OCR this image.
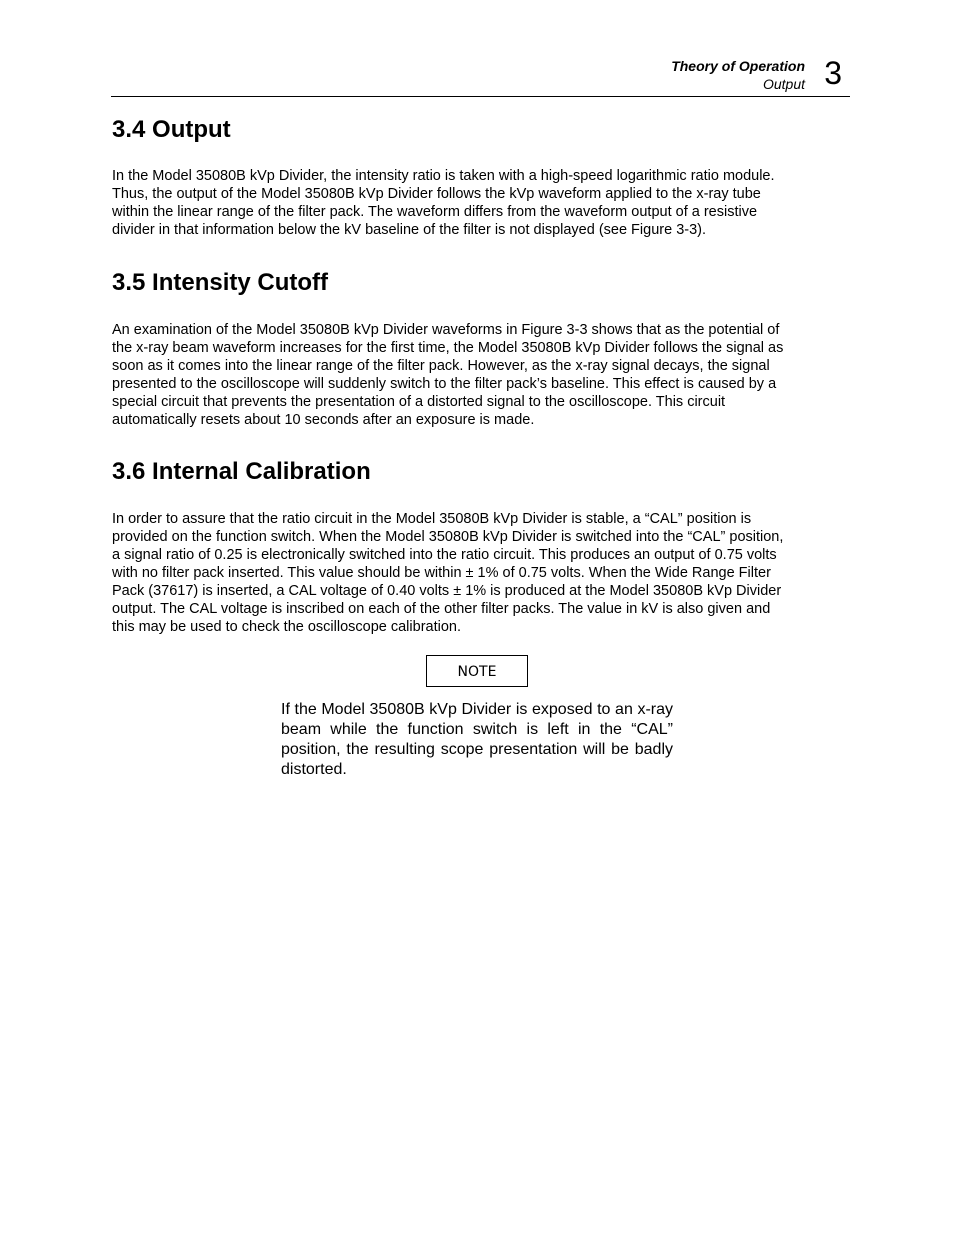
Theory of Operation
Output 3
3.4 Output

In the Model 35080B kVp Divider, the intensity ratio is taken with a high-speed logarithmic ratio module.
Thus, the output of the Model 35080B kVp Divider follows the kVp waveform applied to the x-ray tube
within the linear range of the filter pack. The waveform differs from the waveform output of a resistive
divider in that information below the kV baseline of the filter is not displayed (see Figure 3-3).

3.5 Intensity Cutoff

An examination of the Model 35080B kVp Divider waveforms in Figure 3-3 shows that as the potential of
the x-ray beam waveform increases for the first time, the Model 35080B kVp Divider follows the signal as
soon as it comes into the linear range of the filter pack. However, as the x-ray signal decays, the signal
presented to the oscilloscope will suddenly switch to the filter pack’s baseline. This effect is caused by a
special circuit that prevents the presentation of a distorted signal to the oscilloscope. This circuit
automatically resets about 10 seconds after an exposure is made.

3.6 Internal Calibration

In order to assure that the ratio circuit in the Model 35080B kVp Divider is stable, a “CAL” position is
provided on the function switch. When the Model 35080B kVp Divider is switched into the “CAL” position,
a signal ratio of 0.25 is electronically switched into the ratio circuit. This produces an output of 0.75 volts
with no filter pack inserted. This value should be within ± 1% of 0.75 volts. When the Wide Range Filter
Pack (37617) is inserted, a CAL voltage of 0.40 volts ± 1% is produced at the Model 35080B kVp Divider
output. The CAL voltage is inscribed on each of the other filter packs. The value in kV is also given and
this may be used to check the oscilloscope calibration.

NOTE

If the Model 35080B kVp Divider is exposed to an x-ray beam while the function switch is left in the “CAL” position, the resulting scope presentation will be badly distorted.
